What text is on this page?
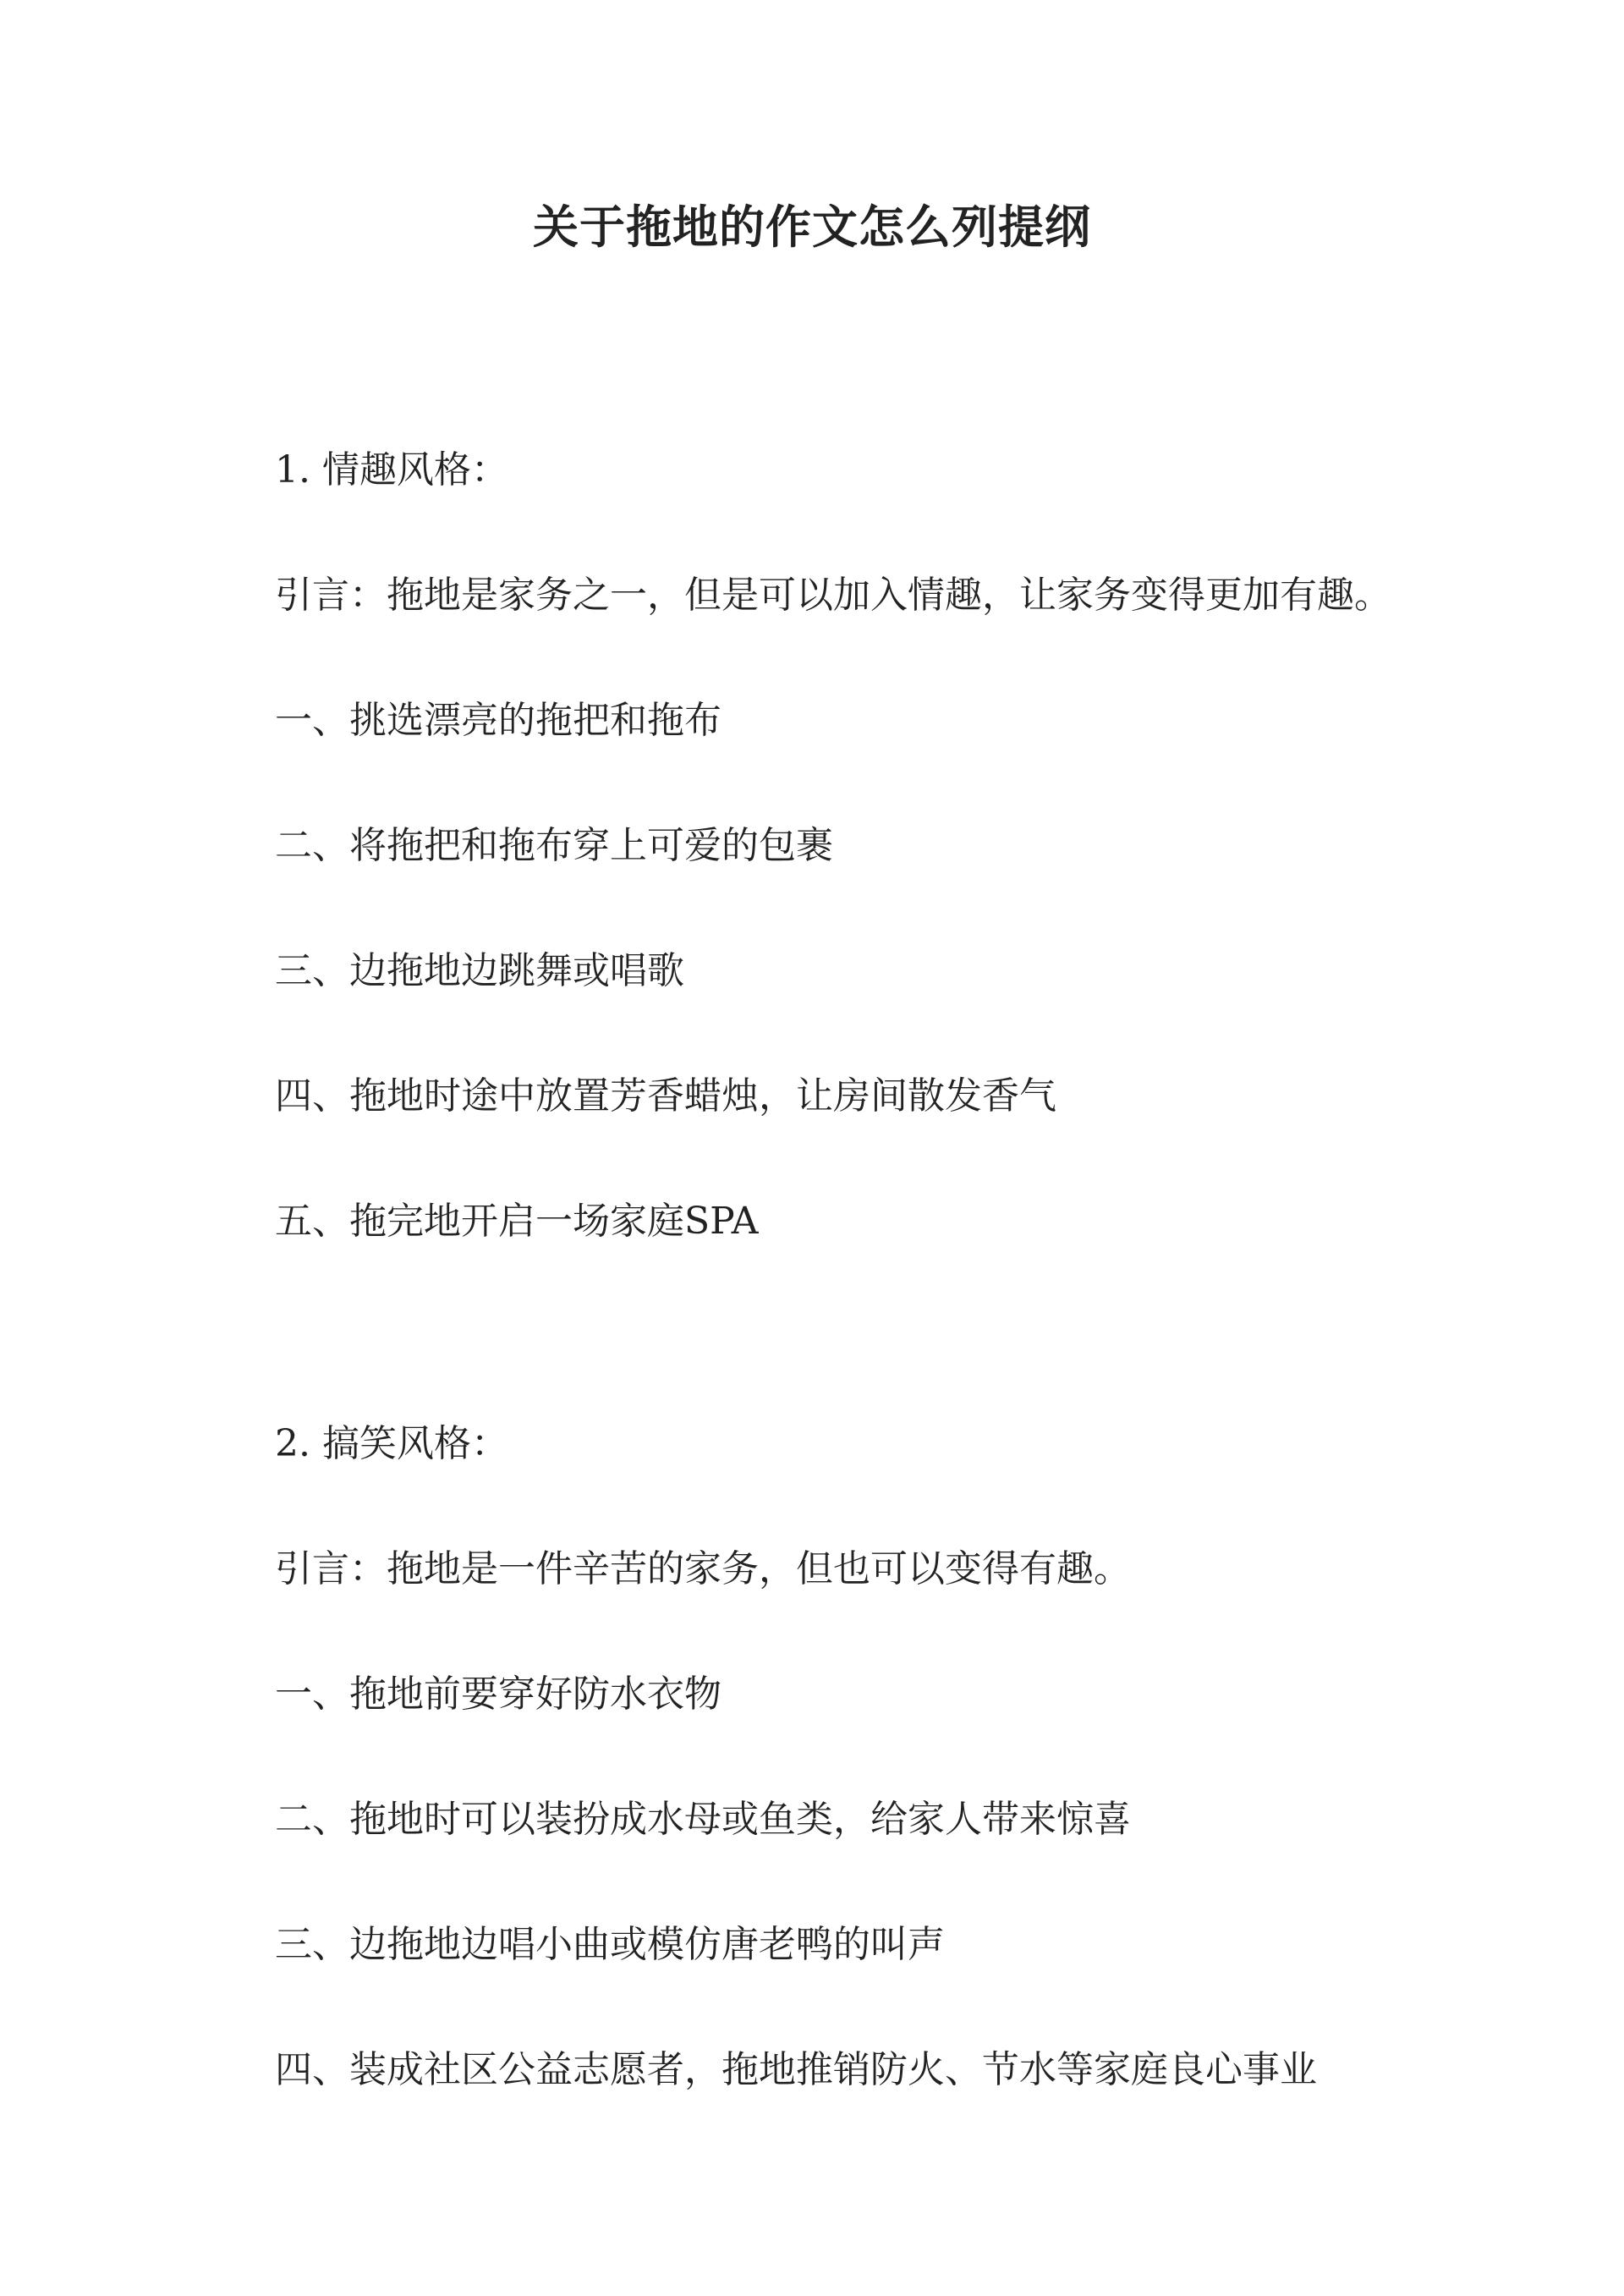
关于拖地的作文怎么列提纲

1. 情趣风格：

引言：拖地是家务之一，但是可以加入情趣，让家务变得更加有趣。

一、挑选漂亮的拖把和拖布

二、将拖把和拖布穿上可爱的包裹

三、边拖地边跳舞或唱歌

四、拖地时途中放置芳香蜡烛，让房间散发香气

五、拖完地开启一场家庭SPA

2. 搞笑风格：

引言：拖地是一件辛苦的家务，但也可以变得有趣。

一、拖地前要穿好防水衣物

二、拖地时可以装扮成水母或鱼类，给家人带来惊喜

三、边拖地边唱小曲或模仿唐老鸭的叫声

四、装成社区公益志愿者，拖地推销防火、节水等家庭良心事业
